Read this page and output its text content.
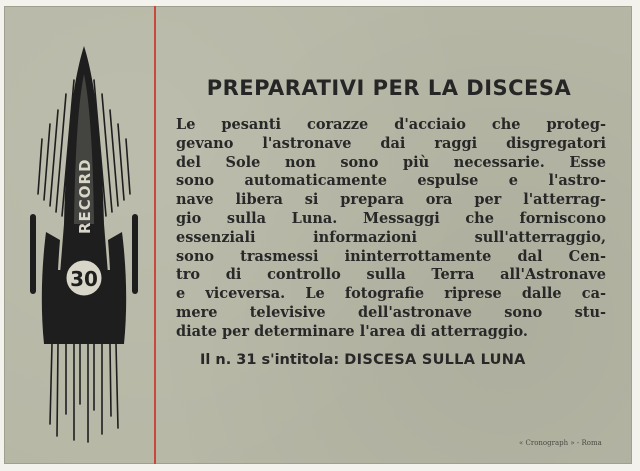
30
RECORD
PREPARATIVI PER LA DISCESA

Le pesanti corazze d'acciaio che proteg-
gevano l'astronave dai raggi disgregatori
del Sole non sono più necessarie. Esse
sono automaticamente espulse e l'astro-
nave libera si prepara ora per l'atterrag-
gio sulla Luna. Messaggi che forniscono
essenziali informazioni sull'atterraggio,
sono trasmessi ininterrottamente dal Cen-
tro di controllo sulla Terra all'Astronave
e viceversa. Le fotografie riprese dalle ca-
mere televisive dell'astronave sono stu-
diate per determinare l'area di atterraggio.

Il n. 31 s'intitola: DISCESA SULLA LUNA
« Cronograph » - Roma
